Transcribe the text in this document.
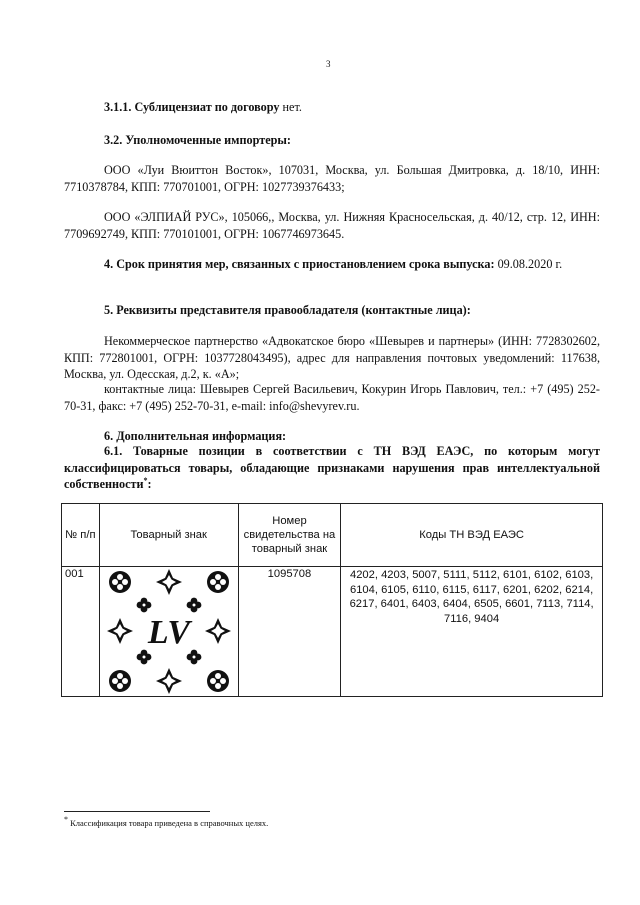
3

3.1.1. Сублицензиат по договору нет.

3.2. Уполномоченные импортеры:

ООО «Луи Вюиттон Восток», 107031, Москва, ул. Большая Дмитровка, д. 18/10, ИНН: 7710378784, КПП: 770701001, ОГРН: 1027739376433;

ООО «ЭЛПИАЙ РУС», 105066,, Москва, ул. Нижняя Красносельская, д. 40/12, стр. 12, ИНН: 7709692749, КПП: 770101001, ОГРН: 1067746973645.

4. Срок принятия мер, связанных с приостановлением срока выпуска: 09.08.2020 г.

5. Реквизиты представителя правообладателя (контактные лица):

Некоммерческое партнерство «Адвокатское бюро «Шевырев и партнеры» (ИНН: 7728302602, КПП: 772801001, ОГРН: 1037728043495), адрес для направления почтовых уведомлений: 117638, Москва, ул. Одесская, д.2, к. «А»;

контактные лица: Шевырев Сергей Васильевич, Кокурин Игорь Павлович, тел.: +7 (495) 252-70-31, факс: +7 (495) 252-70-31, e-mail: info@shevyrev.ru.

6. Дополнительная информация:

6.1. Товарные позиции в соответствии с ТН ВЭД ЕАЭС, по которым могут классифицироваться товары, обладающие признаками нарушения прав интеллектуальной собственности*:

№ п/п	Товарный знак	Номер свидетельства на товарный знак	Коды ТН ВЭД ЕАЭС
001	LV	1095708	4202, 4203, 5007, 5111, 5112, 6101, 6102, 6103, 6104, 6105, 6110, 6115, 6117, 6201, 6202, 6214, 6217, 6401, 6403, 6404, 6505, 6601, 7113, 7114, 7116, 9404
* Классификация товара приведена в справочных целях.
